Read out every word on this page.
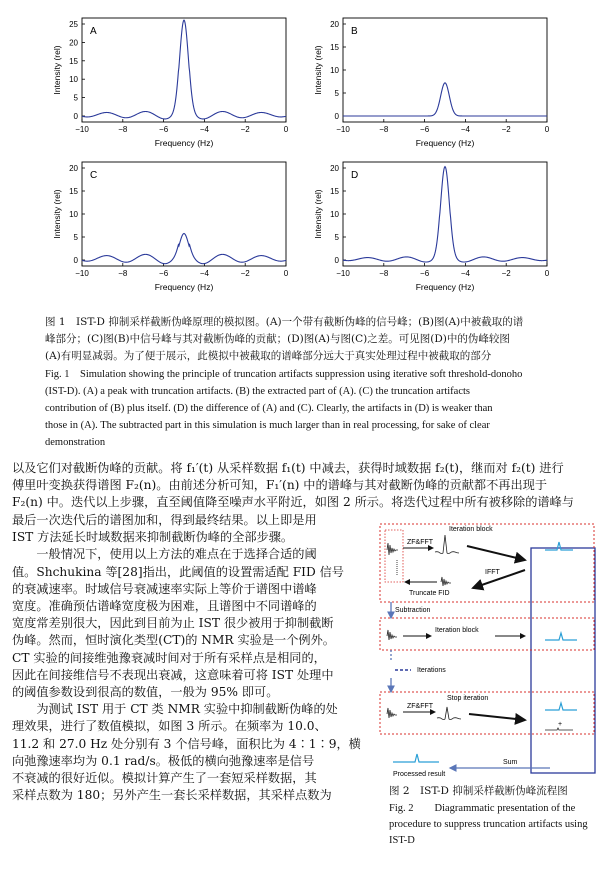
−10	−8	−6	−4	−2	0
0
5
10
15
20
25
Frequency (Hz)
Intensity (rel)
A
−10	−8	−6	−4	−2	0
0
5
10
15
20
Frequency (Hz)
Intensity (rel)
B
−10	−8	−6	−4	−2	0
0
5
10
15
20
Frequency (Hz)
Intensity (rel)
C
−10	−8	−6	−4	−2	0
0
5
10
15
20
Frequency (Hz)
Intensity (rel)
D
图 1　IST-D 抑制采样截断伪峰原理的模拟图。(A)一个带有截断伪峰的信号峰；(B)图(A)中被截取的谱
峰部分；(C)图(B)中信号峰与其对截断伪峰的贡献；(D)图(A)与图(C)之差。可见图(D)中的伪峰较图
(A)有明显减弱。为了便于展示，此模拟中被截取的谱峰部分远大于真实处理过程中被截取的部分
Fig. 1　Simulation showing the principle of truncation artifacts suppression using iterative soft threshold-donoho
(IST-D). (A) a peak with truncation artifacts. (B) the extracted part of (A). (C) the truncation artifacts
contribution of (B) plus itself. (D) the difference of (A) and (C). Clearly, the artifacts in (D) is weaker than
those in (A). The subtracted part in this simulation is much larger than in real processing, for sake of clear
demonstration
以及它们对截断伪峰的贡献。将 f₁′(t) 从采样数据 f₁(t) 中减去，获得时域数据 f₂(t)，继而对 f₂(t) 进行
傅里叶变换获得谱图 F₂(n)。由前述分析可知，F₁′(n) 中的谱峰与其对截断伪峰的贡献都不再出现于
F₂(n) 中。迭代以上步骤，直至阈值降至噪声水平附近，如图 2 所示。将迭代过程中所有被移除的谱峰与
最后一次迭代后的谱图加和，得到最终结果。以上即是用
IST 方法延长时域数据来抑制截断伪峰的全部步骤。
　　一般情况下，使用以上方法的难点在于选择合适的阈
值。Shchukina 等[28]指出，此阈值的设置需适配 FID 信号
的衰减速率。时域信号衰减速率实际上等价于谱图中谱峰
宽度。准确预估谱峰宽度极为困难，且谱图中不同谱峰的
宽度常差别很大，因此到目前为止 IST 很少被用于抑制截断
伪峰。然而，恒时演化类型(CT)的 NMR 实验是一个例外。
CT 实验的间接维弛豫衰减时间对于所有采样点是相同的，
因此在间接维信号不表现出衰减，这意味着可将 IST 处理中
的阈值参数设到很高的数值，一般为 95% 即可。
　　为测试 IST 用于 CT 类 NMR 实验中抑制截断伪峰的处
理效果，进行了数值模拟，如图 3 所示。在频率为 10.0、
11.2 和 27.0 Hz 处分别有 3 个信号峰，面积比为 4∶1∶9，横
向弛豫速率均为 0.1 rad/s。极低的横向弛豫速率是信号
不衰减的很好近似。模拟计算产生了一套短采样数据，其
采样点数为 180；另外产生一套长采样数据，其采样点数为
ZF&FFT
Iteration block
IFFT
Truncate FID
Subtraction
Iteration block
Iterations
Stop iteration
ZF&FFT
+
Sum
Processed result
图 2　IST-D 抑制采样截断伪峰流程图
Fig. 2　　Diagrammatic presentation of the
procedure to suppress truncation artifacts using
IST-D
